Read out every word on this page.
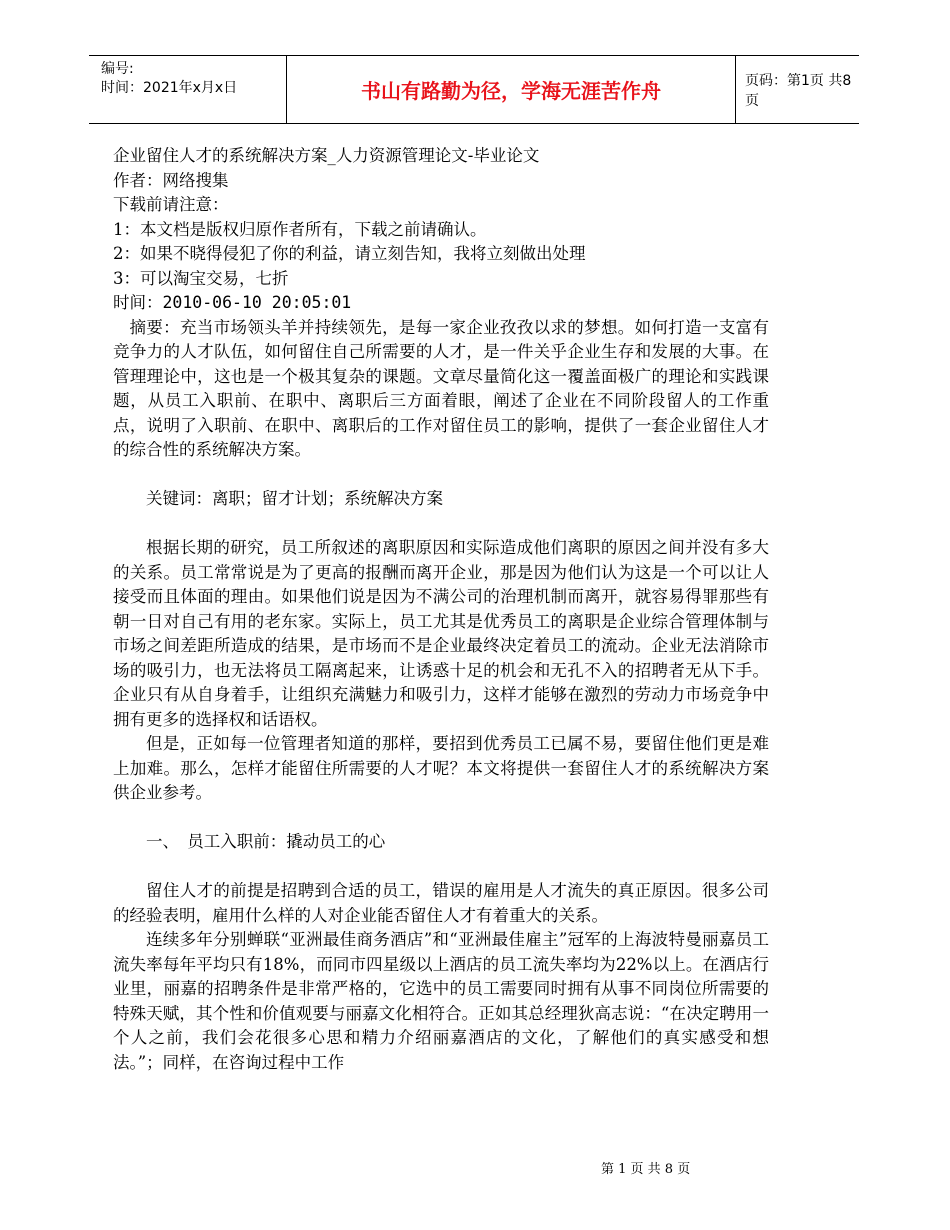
编号:
时间：2021年x月x日	书山有路勤为径，学海无涯苦作舟	页码：第1页 共8页
企业留住人才的系统解决方案_人力资源管理论文-毕业论文
作者：网络搜集
下载前请注意：
1：本文档是版权归原作者所有，下载之前请确认。
2：如果不晓得侵犯了你的利益，请立刻告知，我将立刻做出处理
3：可以淘宝交易，七折
时间：2010-06-10 20:05:01
摘要：充当市场领头羊并持续领先，是每一家企业孜孜以求的梦想。如何打造一支富有竞争力的人才队伍，如何留住自己所需要的人才，是一件关乎企业生存和发展的大事。在管理理论中，这也是一个极其复杂的课题。文章尽量简化这一覆盖面极广的理论和实践课题，从员工入职前、在职中、离职后三方面着眼，阐述了企业在不同阶段留人的工作重点，说明了入职前、在职中、离职后的工作对留住员工的影响，提供了一套企业留住人才的综合性的系统解决方案。
关键词：离职；留才计划；系统解决方案
根据长期的研究，员工所叙述的离职原因和实际造成他们离职的原因之间并没有多大的关系。员工常常说是为了更高的报酬而离开企业，那是因为他们认为这是一个可以让人接受而且体面的理由。如果他们说是因为不满公司的治理机制而离开，就容易得罪那些有朝一日对自己有用的老东家。实际上，员工尤其是优秀员工的离职是企业综合管理体制与市场之间差距所造成的结果，是市场而不是企业最终决定着员工的流动。企业无法消除市场的吸引力，也无法将员工隔离起来，让诱惑十足的机会和无孔不入的招聘者无从下手。企业只有从自身着手，让组织充满魅力和吸引力，这样才能够在激烈的劳动力市场竞争中拥有更多的选择权和话语权。
但是，正如每一位管理者知道的那样，要招到优秀员工已属不易，要留住他们更是难上加难。那么，怎样才能留住所需要的人才呢？本文将提供一套留住人才的系统解决方案供企业参考。
一、　员工入职前：撬动员工的心
留住人才的前提是招聘到合适的员工，错误的雇用是人才流失的真正原因。很多公司的经验表明，雇用什么样的人对企业能否留住人才有着重大的关系。
连续多年分别蝉联“亚洲最佳商务酒店”和“亚洲最佳雇主”冠军的上海波特曼丽嘉员工流失率每年平均只有18%，而同市四星级以上酒店的员工流失率均为22%以上。在酒店行业里，丽嘉的招聘条件是非常严格的，它选中的员工需要同时拥有从事不同岗位所需要的特殊天赋，其个性和价值观要与丽嘉文化相符合。正如其总经理狄高志说：“在决定聘用一个人之前，我们会花很多心思和精力介绍丽嘉酒店的文化，了解他们的真实感受和想法。”；同样，在咨询过程中工作
第 1 页 共 8 页
